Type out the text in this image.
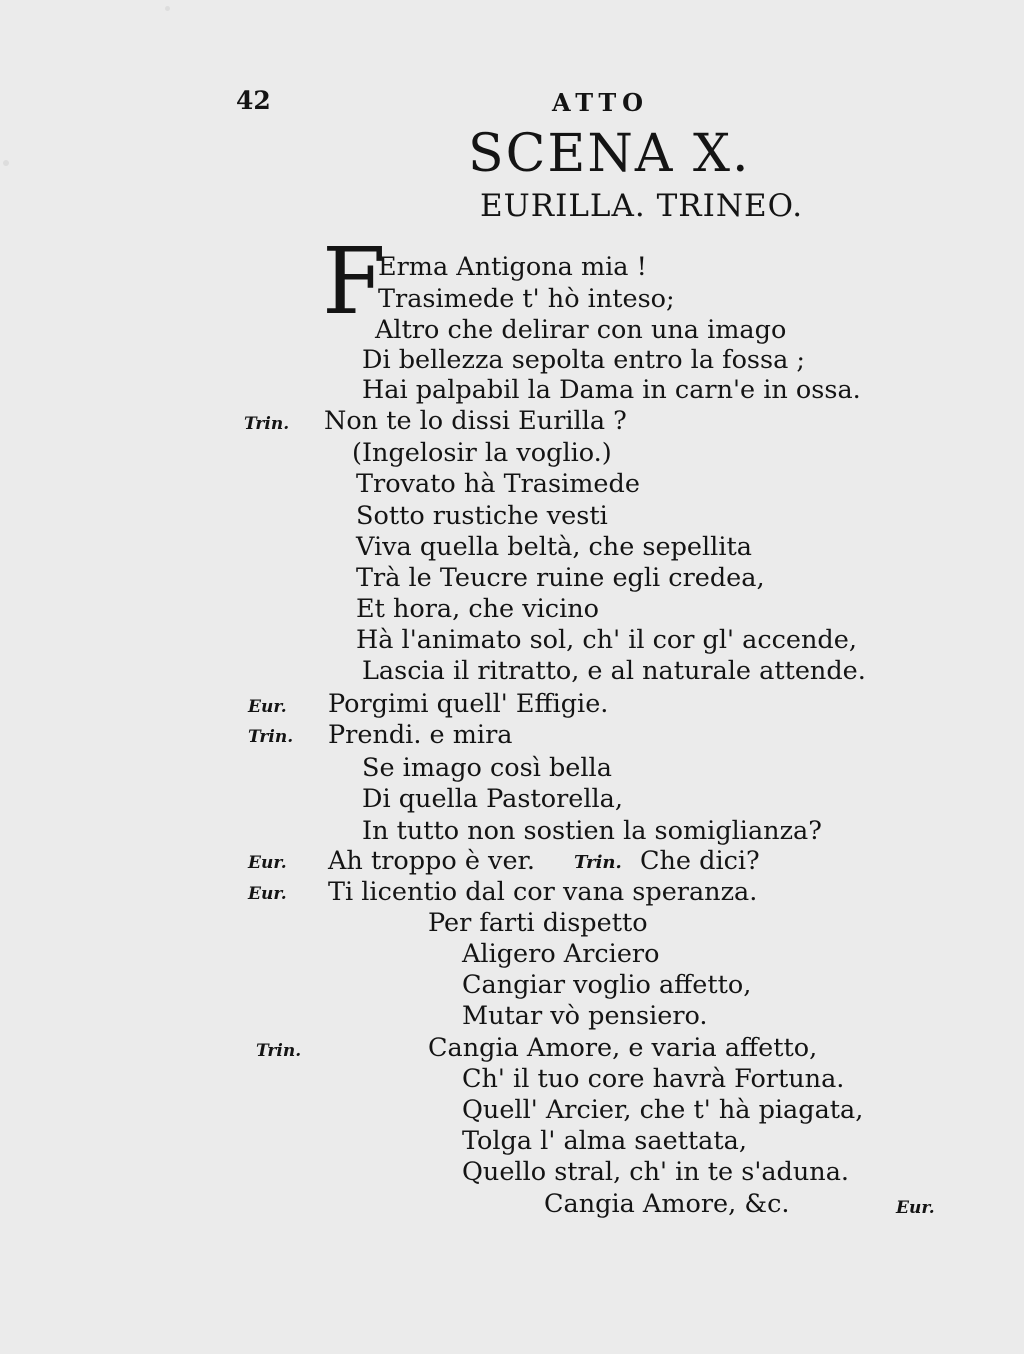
42	ATTO
SCENA X.
EURILLA. TRINEO.
F
Erma Antigona mia !
Trasimede t' hò inteso;
Altro che delirar con una imago
Di bellezza sepolta entro la fossa ;
Hai palpabil la Dama in carn'e in ossa.
Trin. Non te lo dissi Eurilla ?
(Ingelosir la voglio.)
Trovato hà Trasimede
Sotto rustiche vesti
Viva quella beltà, che sepellita
Trà le Teucre ruine egli credea,
Et hora, che vicino
Hà l'animato sol, ch' il cor gl' accende,
Lascia il ritratto, e al naturale attende.
Eur. Porgimi quell' Effigie.
Trin. Prendi. e mira
Se imago così bella
Di quella Pastorella,
In tutto non sostien la somiglianza?
Eur. Ah troppo è ver. Trin. Che dici?
Eur. Ti licentio dal cor vana speranza.
Per farti dispetto
Aligero Arciero
Cangiar voglio affetto,
Mutar vò pensiero.
Trin.	Cangia Amore, e varia affetto,
Ch' il tuo core havrà Fortuna.
Quell' Arcier, che t' hà piagata,
Tolga l' alma saettata,
Quello stral, ch' in te s'aduna.
Cangia Amore, &c.	Eur.
